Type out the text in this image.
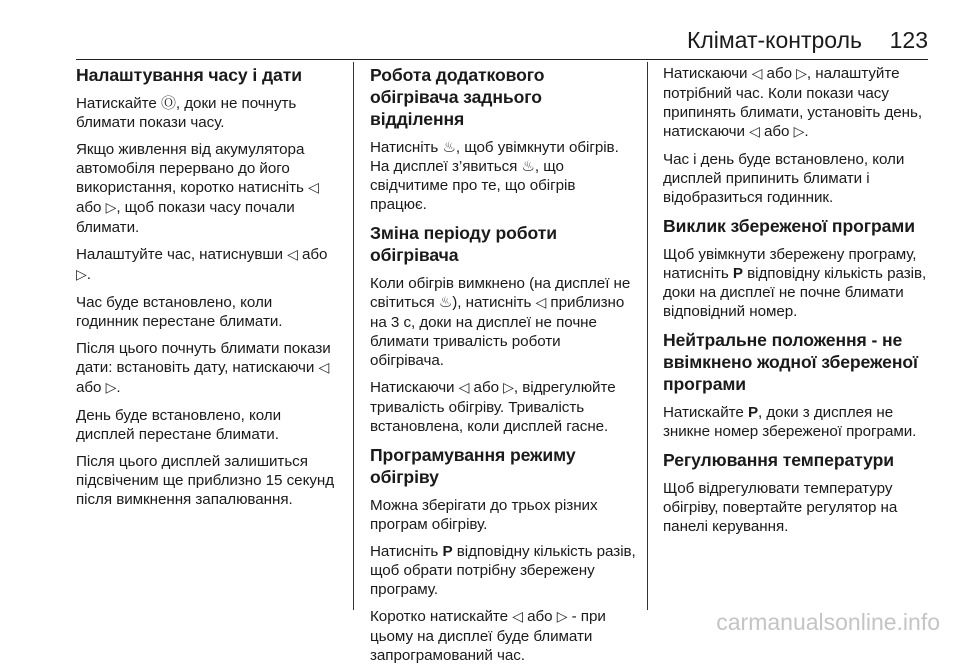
Клімат-контроль 123
Налаштування часу і дати

Натискайте Ⓞ, доки не почнуть блимати покази часу.

Якщо живлення від акумулятора автомобіля перервано до його використання, коротко натисніть ◁ або ▷, щоб покази часу почали блимати.

Налаштуйте час, натиснувши ◁ або ▷.

Час буде встановлено, коли годинник перестане блимати.

Після цього почнуть блимати покази дати: встановіть дату, натискаючи ◁ або ▷.

День буде встановлено, коли дисплей перестане блимати.

Після цього дисплей залишиться підсвіченим ще приблизно 15 секунд після вимкнення запалювання.

Робота додаткового обігрівача заднього відділення

Натисніть ♨, щоб увімкнути обігрів. На дисплеї з’явиться ♨, що свідчитиме про те, що обігрів працює.

Зміна періоду роботи обігрівача

Коли обігрів вимкнено (на дисплеї не світиться ♨), натисніть ◁ приблизно на 3 с, доки на дисплеї не почне блимати тривалість роботи обігрівача.

Натискаючи ◁ або ▷, відрегулюйте тривалість обігріву. Тривалість встановлена, коли дисплей гасне.

Програмування режиму обігріву

Можна зберігати до трьох різних програм обігріву.

Натисніть P відповідну кількість разів, щоб обрати потрібну збережену програму.

Коротко натискайте ◁ або ▷ - при цьому на дисплеї буде блимати запрограмований час.

Натискаючи ◁ або ▷, налаштуйте потрібний час. Коли покази часу припинять блимати, установіть день, натискаючи ◁ або ▷.

Час і день буде встановлено, коли дисплей припинить блимати і відобразиться годинник.

Виклик збереженої програми

Щоб увімкнути збережену програму, натисніть P відповідну кількість разів, доки на дисплеї не почне блимати відповідний номер.

Нейтральне положення - не ввімкнено жодної збереженої програми

Натискайте P, доки з дисплея не зникне номер збереженої програми.

Регулювання температури

Щоб відрегулювати температуру обігріву, повертайте регулятор на панелі керування.

carmanualsonline.info
